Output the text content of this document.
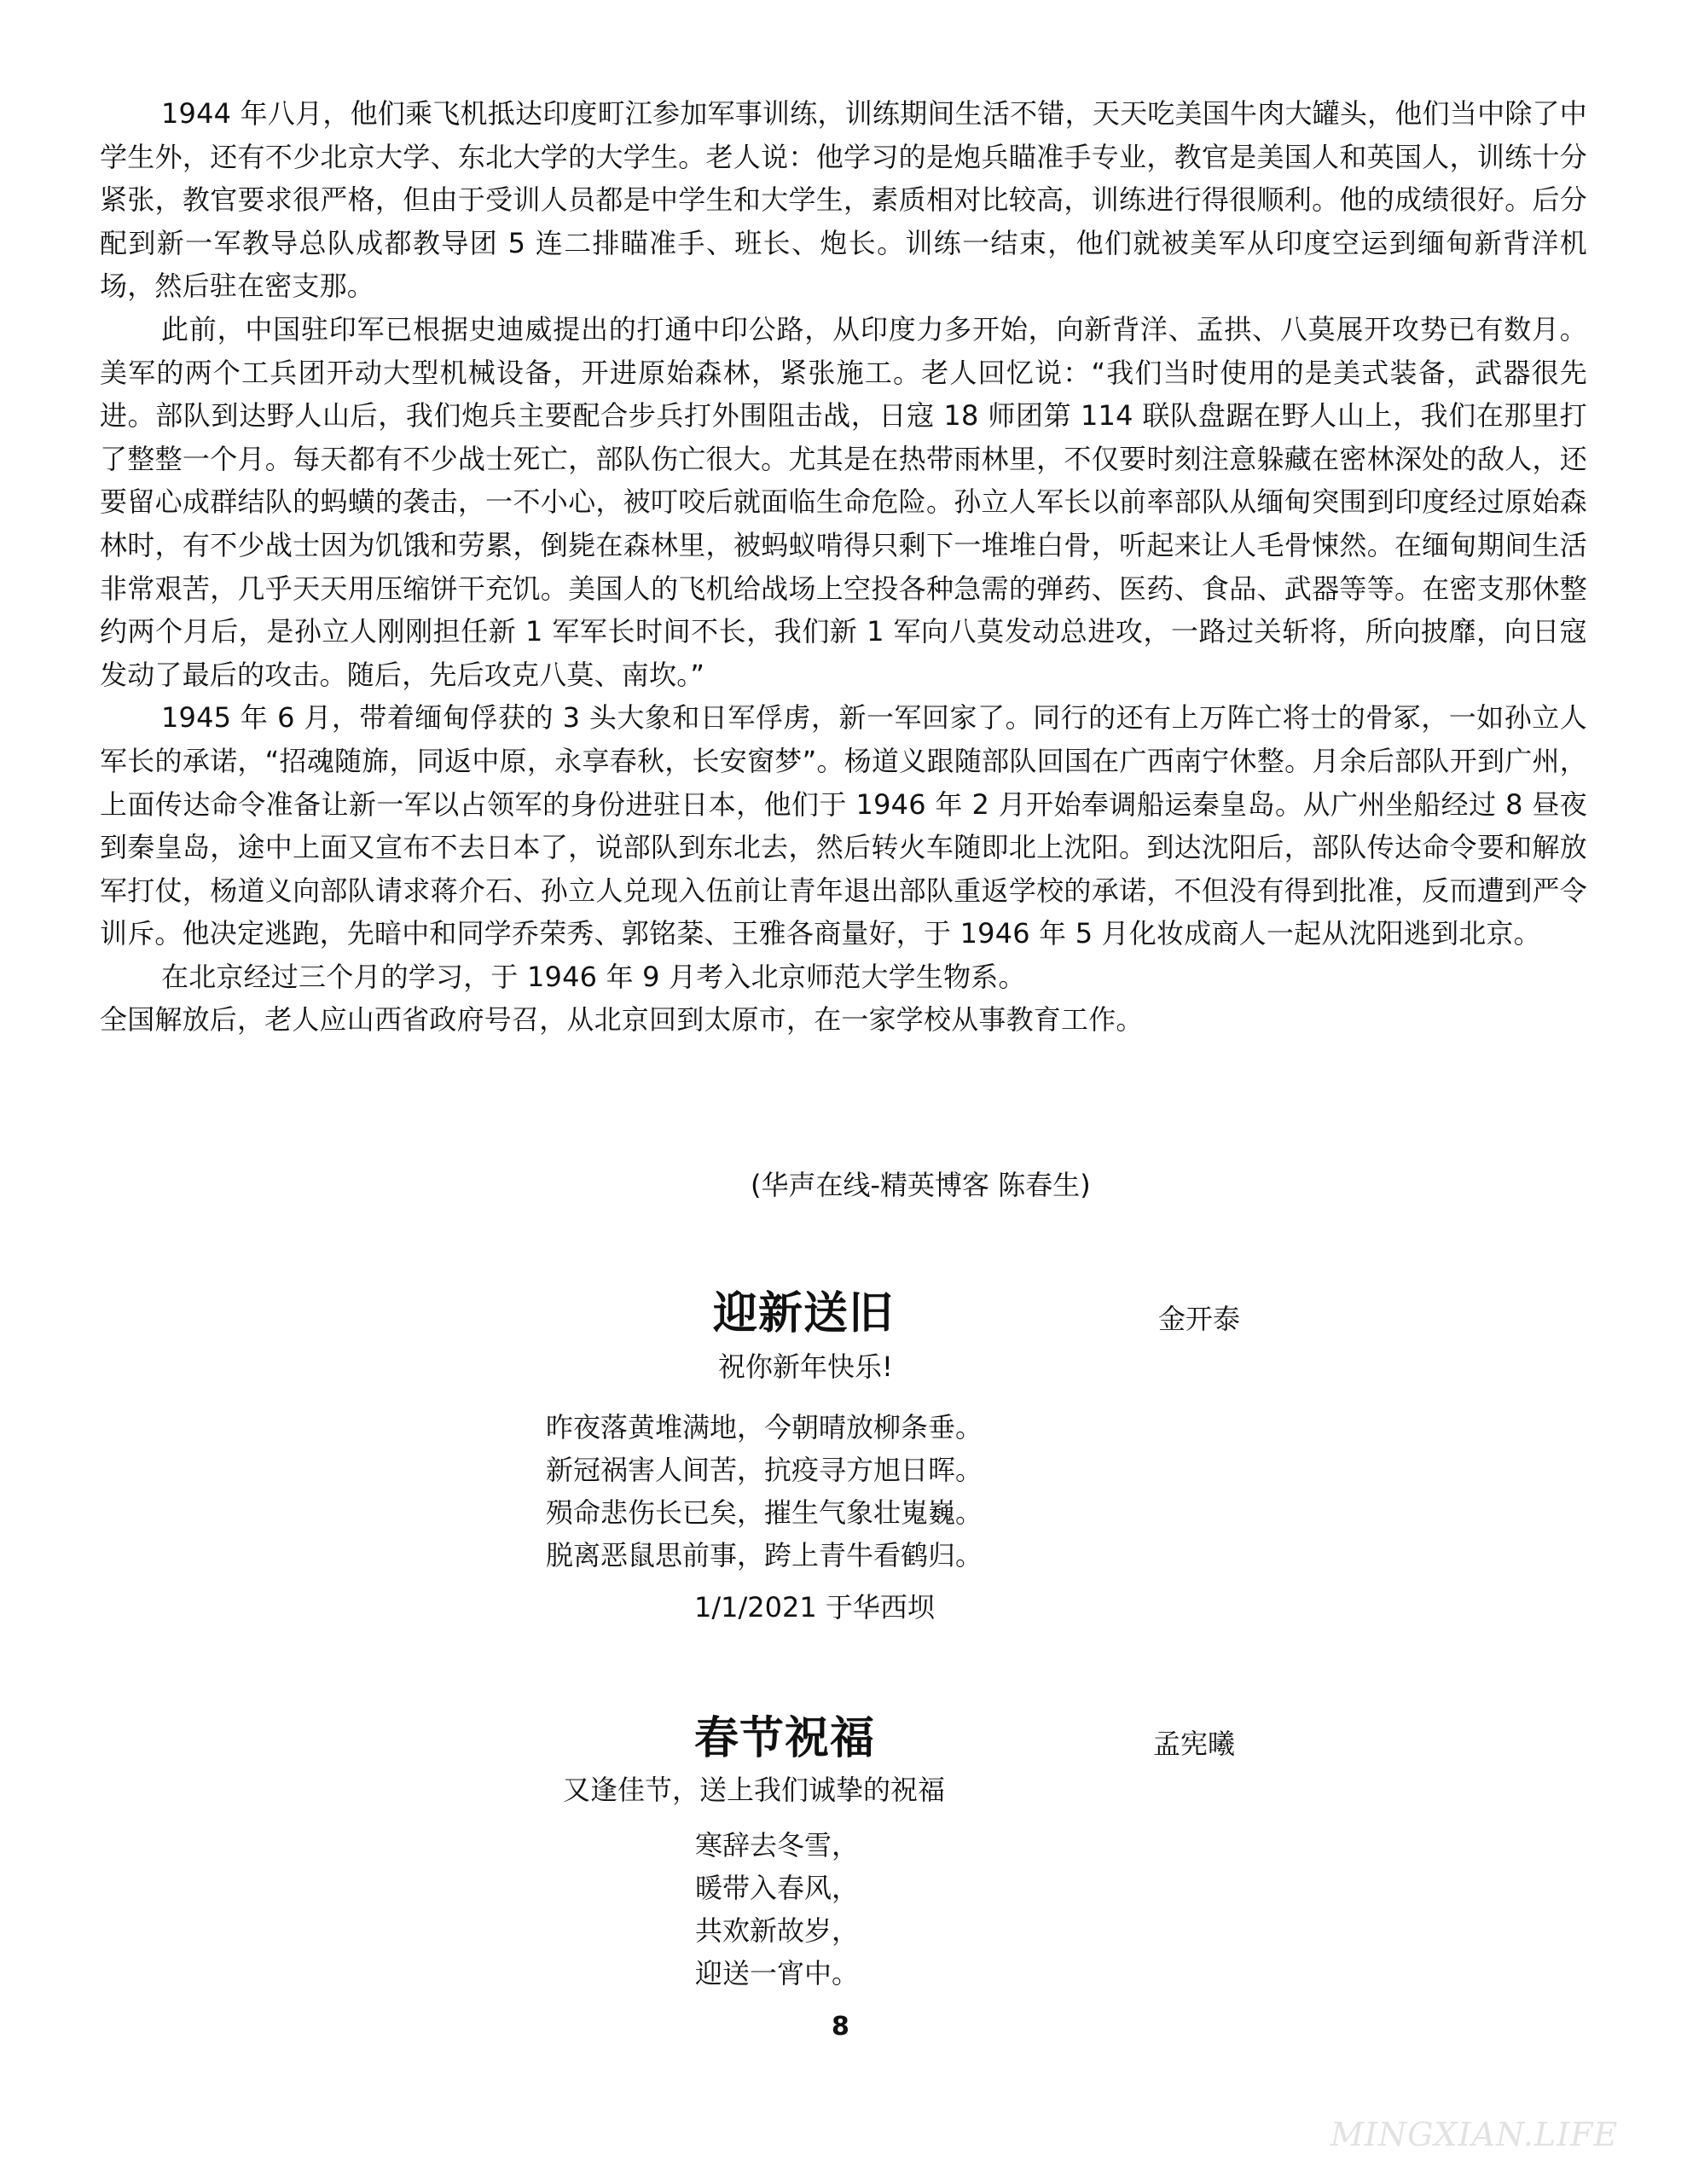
1944 年八月，他们乘飞机抵达印度町江参加军事训练，训练期间生活不错，天天吃美国牛肉大罐头，他们当中除了中学生外，还有不少北京大学、东北大学的大学生。老人说：他学习的是炮兵瞄准手专业，教官是美国人和英国人，训练十分紧张，教官要求很严格，但由于受训人员都是中学生和大学生，素质相对比较高，训练进行得很顺利。他的成绩很好。后分配到新一军教导总队成都教导团 5 连二排瞄准手、班长、炮长。训练一结束，他们就被美军从印度空运到缅甸新背洋机场，然后驻在密支那。

此前，中国驻印军已根据史迪威提出的打通中印公路，从印度力多开始，向新背洋、孟拱、八莫展开攻势已有数月。美军的两个工兵团开动大型机械设备，开进原始森林，紧张施工。老人回忆说：“我们当时使用的是美式装备，武器很先进。部队到达野人山后，我们炮兵主要配合步兵打外围阻击战，日寇 18 师团第 114 联队盘踞在野人山上，我们在那里打了整整一个月。每天都有不少战士死亡，部队伤亡很大。尤其是在热带雨林里，不仅要时刻注意躲藏在密林深处的敌人，还要留心成群结队的蚂蟥的袭击，一不小心，被叮咬后就面临生命危险。孙立人军长以前率部队从缅甸突围到印度经过原始森林时，有不少战士因为饥饿和劳累，倒毙在森林里，被蚂蚁啃得只剩下一堆堆白骨，听起来让人毛骨悚然。在缅甸期间生活非常艰苦，几乎天天用压缩饼干充饥。美国人的飞机给战场上空投各种急需的弹药、医药、食品、武器等等。在密支那休整约两个月后，是孙立人刚刚担任新 1 军军长时间不长，我们新 1 军向八莫发动总进攻，一路过关斩将，所向披靡，向日寇发动了最后的攻击。随后，先后攻克八莫、南坎。”

1945 年 6 月，带着缅甸俘获的 3 头大象和日军俘虏，新一军回家了。同行的还有上万阵亡将士的骨冢，一如孙立人军长的承诺，“招魂随旆，同返中原，永享春秋，长安窗梦”。杨道义跟随部队回国在广西南宁休整。月余后部队开到广州，上面传达命令准备让新一军以占领军的身份进驻日本，他们于 1946 年 2 月开始奉调船运秦皇岛。从广州坐船经过 8 昼夜到秦皇岛，途中上面又宣布不去日本了，说部队到东北去，然后转火车随即北上沈阳。到达沈阳后，部队传达命令要和解放军打仗，杨道义向部队请求蒋介石、孙立人兑现入伍前让青年退出部队重返学校的承诺，不但没有得到批准，反而遭到严令训斥。他决定逃跑，先暗中和同学乔荣秀、郭铭棻、王雅各商量好，于 1946 年 5 月化妆成商人一起从沈阳逃到北京。

在北京经过三个月的学习，于 1946 年 9 月考入北京师范大学生物系。

全国解放后，老人应山西省政府号召，从北京回到太原市，在一家学校从事教育工作。

(华声在线-精英博客 陈春生)
迎新送旧	金开泰
祝你新年快乐!
昨夜落黄堆满地，今朝晴放柳条垂。
新冠祸害人间苦，抗疫寻方旭日晖。
殒命悲伤长已矣，摧生气象壮嵬巍。
脱离恶鼠思前事，跨上青牛看鹤归。
1/1/2021 于华西坝
春节祝福	孟宪曦
又逢佳节，送上我们诚挚的祝福
寒辞去冬雪，
暖带入春风，
共欢新故岁，
迎送一宵中。
8
MINGXIAN.LIFE
